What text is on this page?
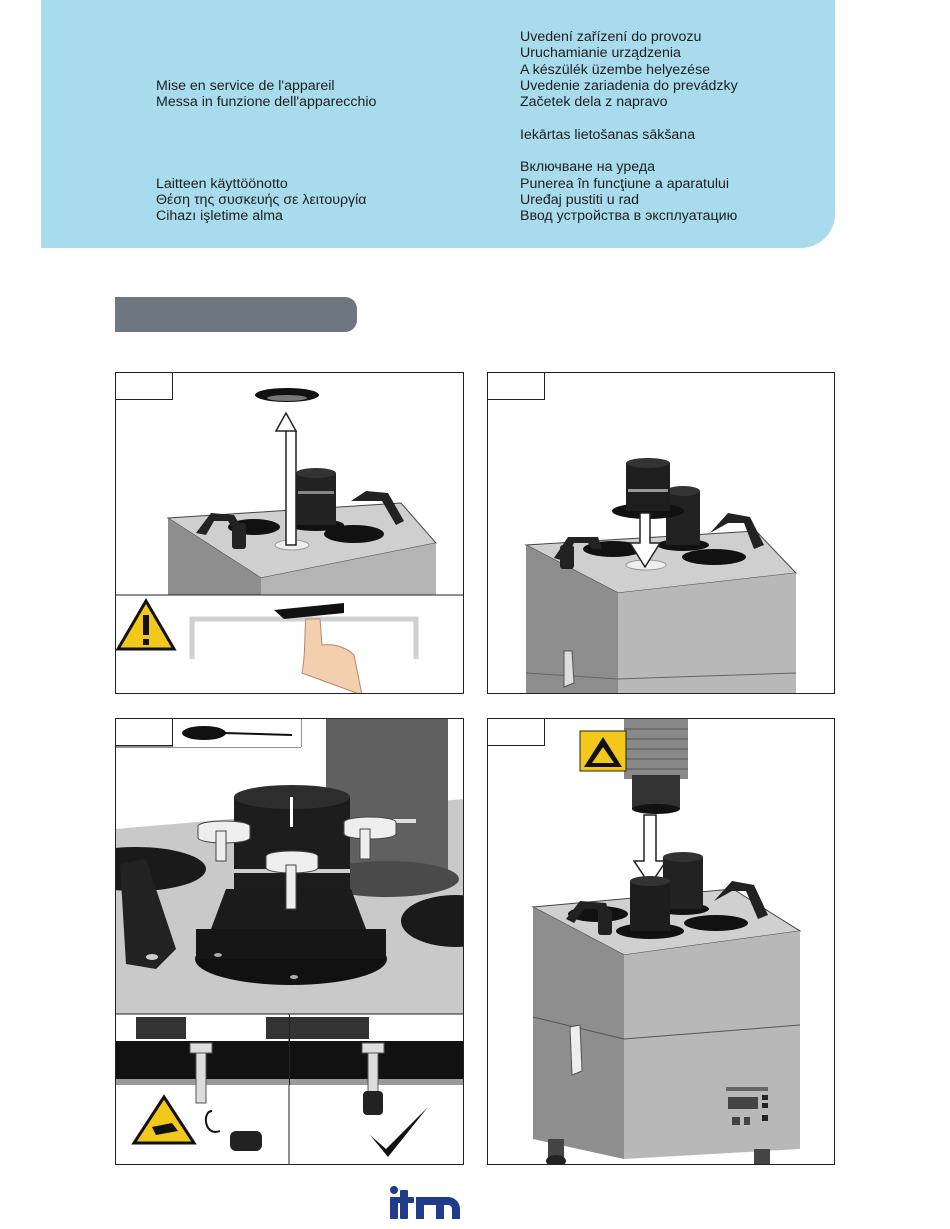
Mise en service de l'appareil
Messa in funzione dell'apparecchio
Laitteen käyttöönotto
Θέση της συσκευής σε λειτουργία
Cihazı işletime alma
Uvedení zařízení do provozu
Uruchamianie urządzenia
A készülék üzembe helyezése
Uvedenie zariadenia do prevádzky
Začetek dela z napravo
Iekārtas lietošanas sākšana
Включване на уреда
Punerea în funcţiune a aparatului
Uređaj pustiti u rad
Ввод устройства в эксплуатацию
